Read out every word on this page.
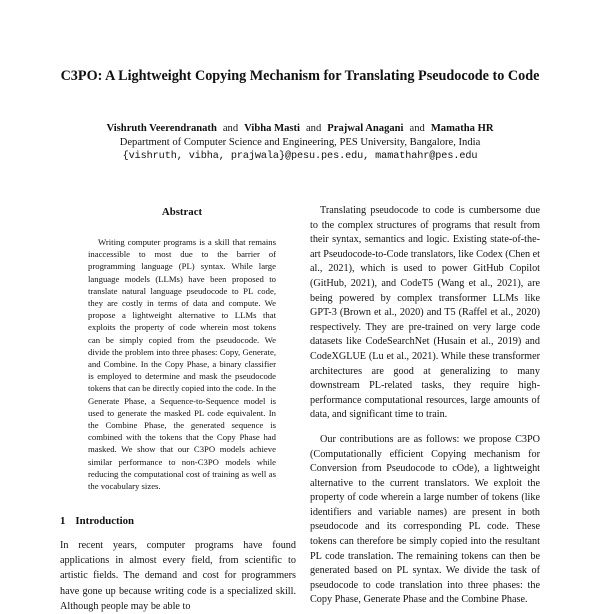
C3PO: A Lightweight Copying Mechanism for Translating Pseudocode to Code
Vishruth Veerendranath and Vibha Masti and Prajwal Anagani and Mamatha HR
Department of Computer Science and Engineering, PES University, Bangalore, India
{vishruth, vibha, prajwala}@pesu.pes.edu, mamathahr@pes.edu
Abstract

Writing computer programs is a skill that remains inaccessible to most due to the barrier of programming language (PL) syntax. While large language models (LLMs) have been proposed to translate natural language pseudocode to PL code, they are costly in terms of data and compute. We propose a lightweight alternative to LLMs that exploits the property of code wherein most tokens can be simply copied from the pseudocode. We divide the problem into three phases: Copy, Generate, and Combine. In the Copy Phase, a binary classifier is employed to determine and mask the pseudocode tokens that can be directly copied into the code. In the Generate Phase, a Sequence-to-Sequence model is used to generate the masked PL code equivalent. In the Combine Phase, the generated sequence is combined with the tokens that the Copy Phase had masked. We show that our C3PO models achieve similar performance to non-C3PO models while reducing the computational cost of training as well as the vocabulary sizes.

1 Introduction

In recent years, computer programs have found applications in almost every field, from scientific to artistic fields. The demand and cost for programmers have gone up because writing code is a specialized skill. Although people may be able to

Translating pseudocode to code is cumbersome due to the complex structures of programs that result from their syntax, semantics and logic. Existing state-of-the-art Pseudocode-to-Code translators, like Codex (Chen et al., 2021), which is used to power GitHub Copilot (GitHub, 2021), and CodeT5 (Wang et al., 2021), are being powered by complex transformer LLMs like GPT-3 (Brown et al., 2020) and T5 (Raffel et al., 2020) respectively. They are pre-trained on very large code datasets like CodeSearchNet (Husain et al., 2019) and CodeXGLUE (Lu et al., 2021). While these transformer architectures are good at generalizing to many downstream PL-related tasks, they require high-performance computational resources, large amounts of data, and significant time to train.

Our contributions are as follows: we propose C3PO (Computationally efficient Copying mechanism for Conversion from Pseudocode to cOde), a lightweight alternative to the current translators. We exploit the property of code wherein a large number of tokens (like identifiers and variable names) are present in both pseudocode and its corresponding PL code. These tokens can therefore be simply copied into the resultant PL code translation. The remaining tokens can then be generated based on PL syntax. We divide the task of pseudocode to code translation into three phases: the Copy Phase, Generate Phase and the Combine Phase.
